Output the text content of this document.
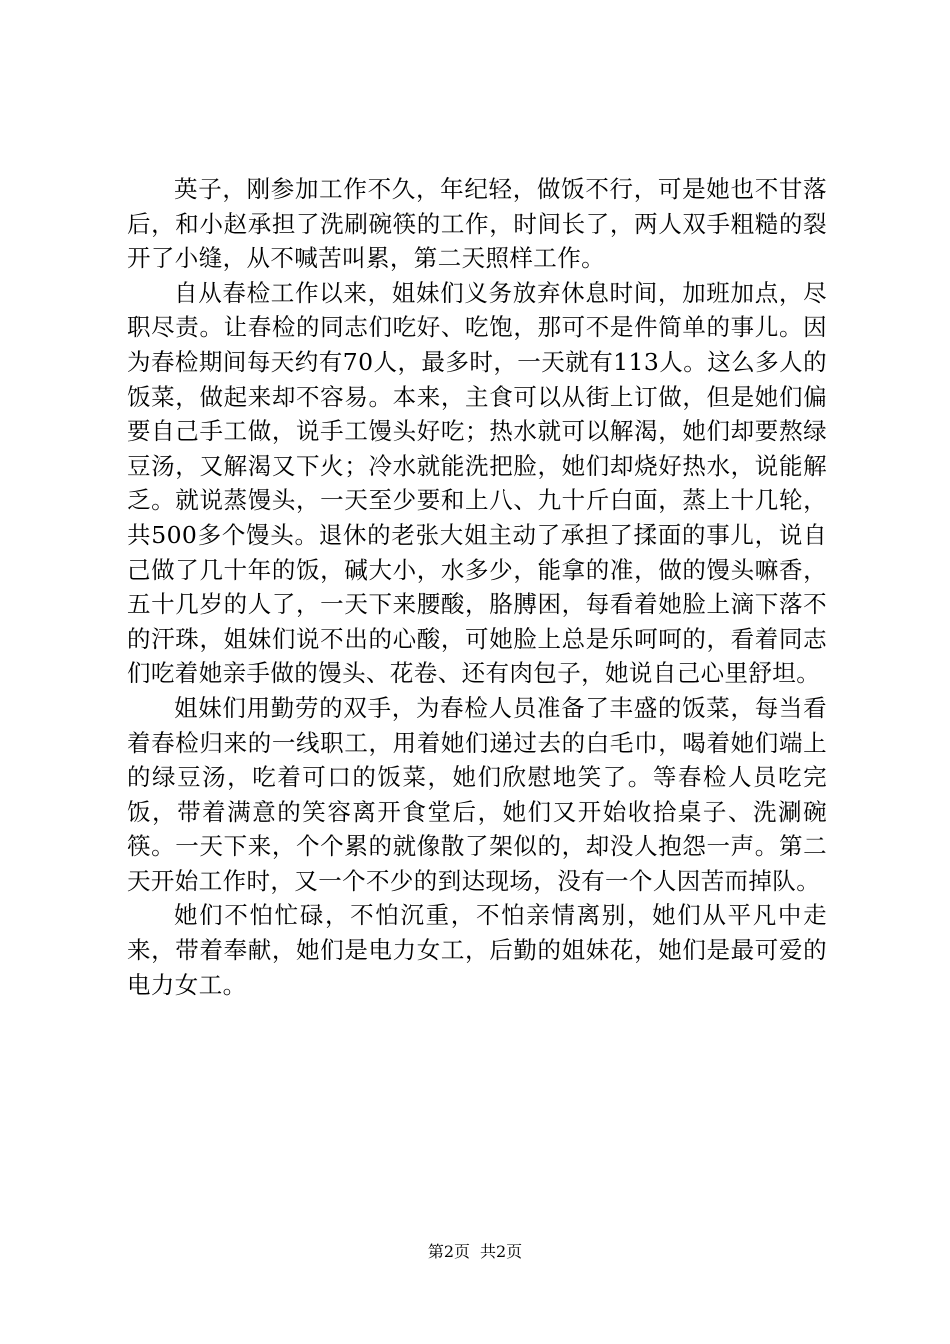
英子，刚参加工作不久，年纪轻，做饭不行，可是她也不甘落后，和小赵承担了洗刷碗筷的工作，时间长了，两人双手粗糙的裂开了小缝，从不喊苦叫累，第二天照样工作。

自从春检工作以来，姐妹们义务放弃休息时间，加班加点，尽职尽责。让春检的同志们吃好、吃饱，那可不是件简单的事儿。因为春检期间每天约有70人，最多时，一天就有113人。这么多人的饭菜，做起来却不容易。本来，主食可以从街上订做，但是她们偏要自己手工做，说手工馒头好吃；热水就可以解渴，她们却要熬绿豆汤，又解渴又下火；冷水就能洗把脸，她们却烧好热水，说能解乏。就说蒸馒头，一天至少要和上八、九十斤白面，蒸上十几轮，共500多个馒头。退休的老张大姐主动了承担了揉面的事儿，说自己做了几十年的饭，碱大小，水多少，能拿的准，做的馒头嘛香，五十几岁的人了，一天下来腰酸，胳膊困，每看着她脸上滴下落不的汗珠，姐妹们说不出的心酸，可她脸上总是乐呵呵的，看着同志们吃着她亲手做的馒头、花卷、还有肉包子，她说自己心里舒坦。

姐妹们用勤劳的双手，为春检人员准备了丰盛的饭菜，每当看着春检归来的一线职工，用着她们递过去的白毛巾，喝着她们端上的绿豆汤，吃着可口的饭菜，她们欣慰地笑了。等春检人员吃完饭，带着满意的笑容离开食堂后，她们又开始收拾桌子、洗涮碗筷。一天下来，个个累的就像散了架似的，却没人抱怨一声。第二天开始工作时，又一个不少的到达现场，没有一个人因苦而掉队。

她们不怕忙碌，不怕沉重，不怕亲情离别，她们从平凡中走来，带着奉献，她们是电力女工，后勤的姐妹花，她们是最可爱的电力女工。

第2页 共2页
